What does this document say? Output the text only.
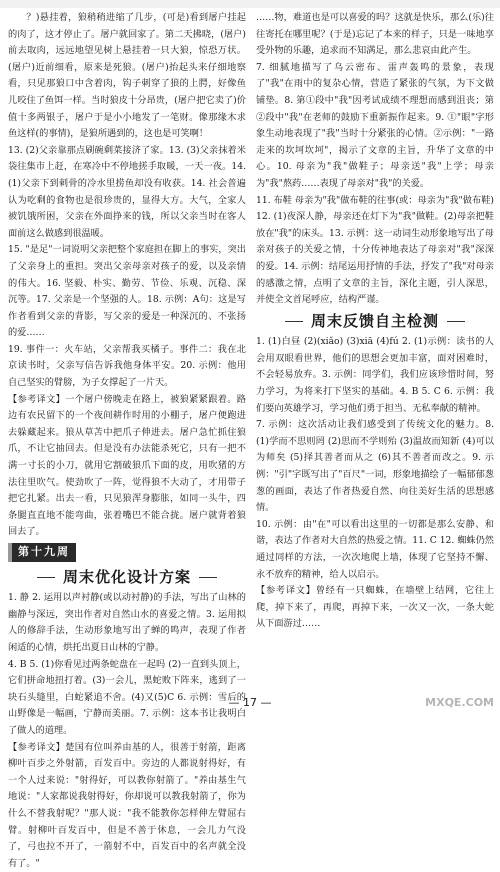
？)悬挂着，狼稍稍进缩了几步，(可是)看到屠户挂起的肉了，这才停止了。屠户就回家了。第二天拂晓，(屠户)前去取肉，远远地望见树上悬挂着一只大狼，惊恐万状。(屠户)近前细看，原来是死狼。(屠户)抬起头来仔细地察看，只见那狼口中含着肉，钩子刺穿了狼的上腭，好像鱼儿咬住了鱼饵一样。当时狼皮十分昂贵，(屠户把它卖了)价值十多两银子，屠户于是小小地发了一笔财。像那缘木求鱼这样(的事情)，是狼所遇到的，这也是可笑啊！

13. (2)父亲靠那点刷碗剩菜接济了家。13. (3)父亲抹着米袋往集市上赶，在寒冷中不停地搓手取暖，一天一夜。14. (1)父亲下到刺骨的冷水里捞鱼却没有收获。14. 社会普遍认为吃剩的食物也是很珍贵的，显得大方。大气，全家人被饥饿所困，父亲在外面挣来的钱，所以父亲当时在客人面前这么做感到很温暖。

15. "是足"一词说明父亲把整个家庭担在脚上的事实，突出了父亲身上的重担。突出父亲母亲对孩子的爱，以及亲情的伟大。16. 坚毅、朴实、勤劳、节俭、乐观、沉稳、深沉等。17. 父亲是一个坚强的人。18. 示例：A句：这是写作者看到父亲的背影，写父亲的爱是一种深沉的、不张扬的爱……

19. 事件一：火车站，父亲帮我买橘子。事件二：我在北京读书时，父亲写信告诉我他身体平安。20. 示例：他用自己坚实的臂膀，为子女撑起了一片天。

【参考译文】一个屠户傍晚走在路上，被狼紧紧跟着。路边有农民留下的一个夜间耕作时用的小棚子，屠户便跑进去躲藏起来。狼从草苫中把爪子伸进去。屠户急忙抓住狼爪，不让它抽回去。但是没有办法能杀死它，只有一把不满一寸长的小刀，就用它割破狼爪下面的皮，用吹猪的方法往里吹气。使劲吹了一阵，觉得狼不大动了，才用带子把它扎紧。出去一看，只见狼浑身膨胀，如同一头牛，四条腿直直地不能弯曲，张着嘴巴不能合拢。屠户就背着狼回去了。

第十九周
周末优化设计方案

1. 静 2. 运用以声衬静(或以动衬静)的手法，写出了山林的幽静与深远，突出作者对自然山水的喜爱之情。3. 运用拟人的修辞手法，生动形象地写出了蝉的鸣声，表现了作者闲适的心情，烘托出夏日山林的宁静。

4. B 5. (1)你看见过两条蛇盘在一起吗 (2)一直到头顶上，它们拼命地扭打着。(3)一会儿，黑蛇败下阵来，逃到了一块石头缝里，白蛇紧追不舍。(4)又(5)C 6. 示例：雪后的山野像是一幅画，宁静而美丽。7. 示例：这本书让我明白了做人的道理。

【参考译文】楚国有位叫养由基的人，很善于射箭，距离柳叶百步之外射箭，百发百中。旁边的人都说射得好，有一个人过来说："射得好，可以教你射箭了。"养由基生气地说："人家都说我射得好，你却说可以教我射箭了，你为什么不替我射呢？"那人说："我不能教你怎样伸左臂屈右臂。射柳叶百发百中，但是不善于休息，一会儿力气没了，弓也拉不开了，一箭射不中，百发百中的名声就全没有了。"

……物，难道也是可以喜爱的吗？这就是快乐，那么(乐)往往寄托在哪里呢？(于是)忘记了本来的样子，只是一味地享受外物的乐趣，追求而不知满足，那么悲哀由此产生。

7. 细腻地描写了乌云密布、雷声轰鸣的景象，表现了"我"在雨中的复杂心情，营造了紧张的气氛，为下文做铺垫。8. 第①段中"我"因考试成绩不理想而感到沮丧；第②段中"我"在老师的鼓励下重新振作起来。9. ①"眼"字形象生动地表现了"我"当时十分紧张的心情。②示例："一路走来的坎坷坎坷"，揭示了文章的主旨，升华了文章的中心。10. 母亲为"我"做鞋子；母亲送"我"上学；母亲为"我"熬药……表现了母亲对"我"的关爱。

11. 布鞋 母亲为"我"做布鞋的往事(或：母亲为"我"做布鞋) 12. (1)夜深人静，母亲还在灯下为"我"做鞋。(2)母亲把鞋放在"我"的床头。13. 示例：这一动词生动形象地写出了母亲对孩子的关爱之情，十分传神地表达了母亲对"我"深深的爱。14. 示例：结尾运用抒情的手法，抒发了"我"对母亲的感激之情，点明了文章的主旨，深化主题，引人深思，并使全文首尾呼应，结构严谨。

周末反馈自主检测

1. (1)白昼 (2)(xiǎo) (3)xiā (4)fú 2. (1)示例：读书的人会用双眼看世界，他们的思想会更加丰富，面对困难时，不会轻易放弃。3. 示例：同学们，我们应该珍惜时间，努力学习，为将来打下坚实的基础。4. B 5. C 6. 示例：我们要向英雄学习，学习他们勇于担当、无私奉献的精神。

7. 示例：这次活动让我们感受到了传统文化的魅力。8. (1)学而不思则罔 (2)思而不学则殆 (3)温故而知新 (4)可以为师矣 (5)择其善者而从之 (6)其不善者而改之。9. 示例："引"字既写出了"百尺"一词，形象地描绘了一幅郁郁葱葱的画面，表达了作者热爱自然、向往美好生活的思想感情。

10. 示例：由"在"可以看出这里的一切都是那么安静、和谐，表达了作者对大自然的热爱之情。11. C 12. 蜘蛛仍然通过同样的方法，一次次地爬上墙，体现了它坚持不懈、永不放弃的精神，给人以启示。

【参考译文】曾经有一只蜘蛛，在墙壁上结网，它往上爬，掉下来了，再爬，再掉下来，一次又一次，一条大蛇从下面游过……

— 17 —	MXQE.COM
